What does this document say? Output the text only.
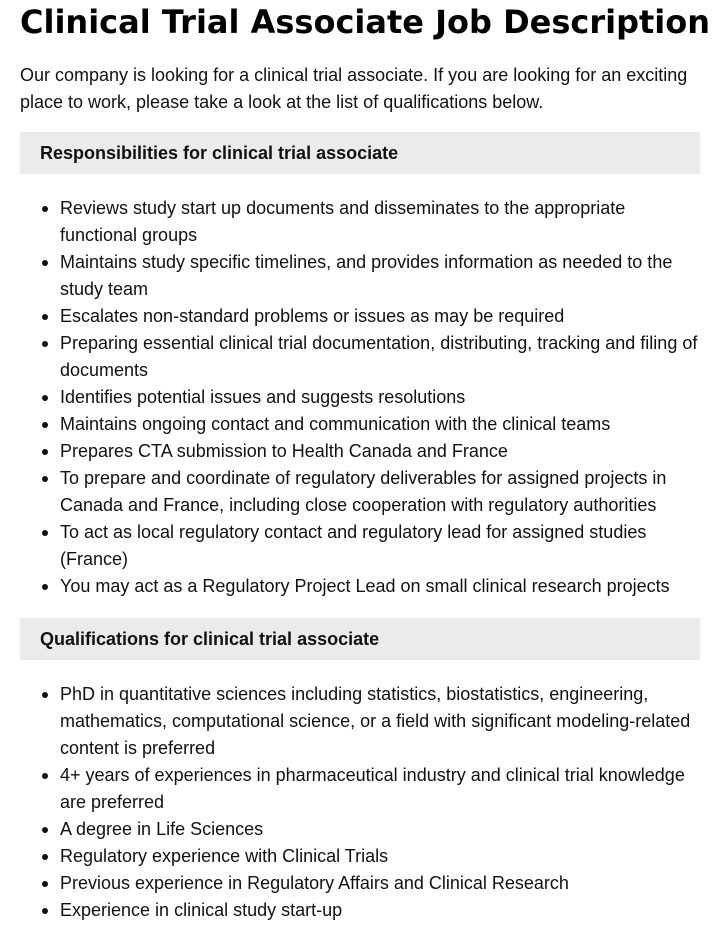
Clinical Trial Associate Job Description

Our company is looking for a clinical trial associate. If you are looking for an exciting place to work, please take a look at the list of qualifications below.

Responsibilities for clinical trial associate
Reviews study start up documents and disseminates to the appropriate functional groups
Maintains study specific timelines, and provides information as needed to the study team
Escalates non-standard problems or issues as may be required
Preparing essential clinical trial documentation, distributing, tracking and filing of documents
Identifies potential issues and suggests resolutions
Maintains ongoing contact and communication with the clinical teams
Prepares CTA submission to Health Canada and France
To prepare and coordinate of regulatory deliverables for assigned projects in Canada and France, including close cooperation with regulatory authorities
To act as local regulatory contact and regulatory lead for assigned studies (France)
You may act as a Regulatory Project Lead on small clinical research projects
Qualifications for clinical trial associate
PhD in quantitative sciences including statistics, biostatistics, engineering, mathematics, computational science, or a field with significant modeling-related content is preferred
4+ years of experiences in pharmaceutical industry and clinical trial knowledge are preferred
A degree in Life Sciences
Regulatory experience with Clinical Trials
Previous experience in Regulatory Affairs and Clinical Research
Experience in clinical study start-up
